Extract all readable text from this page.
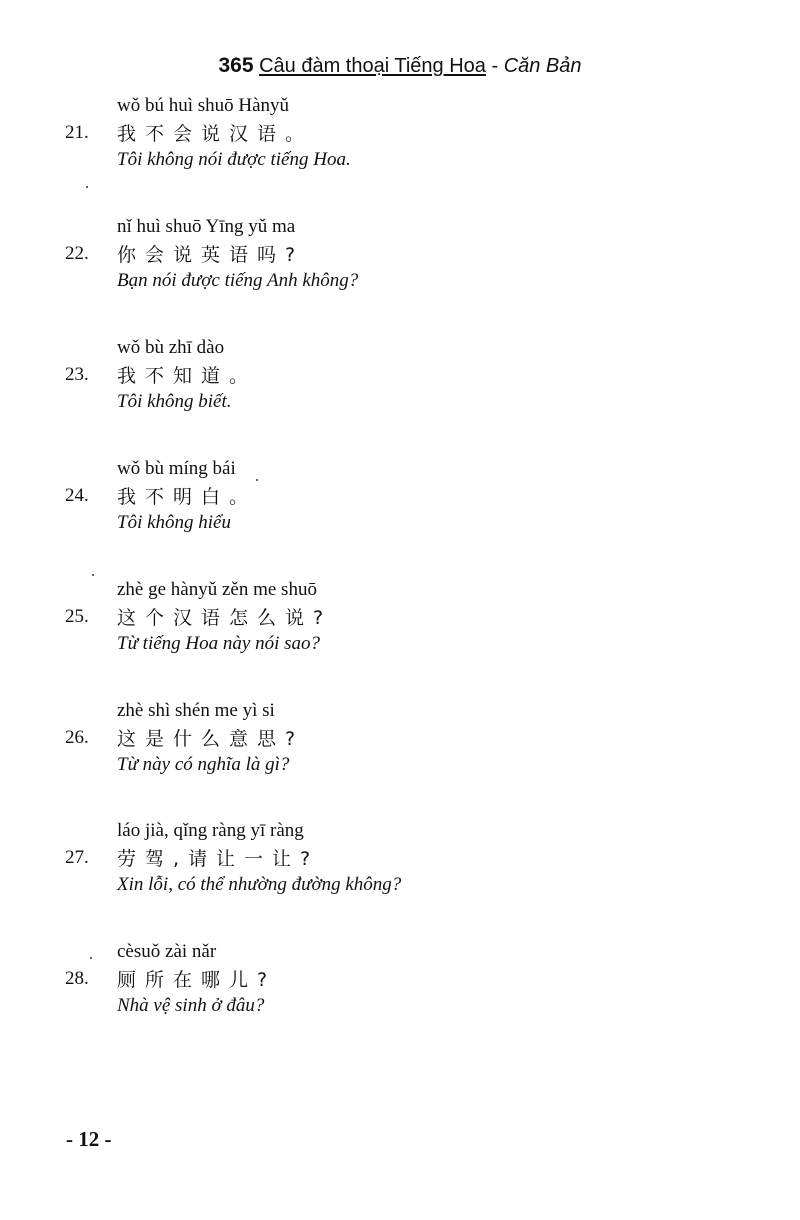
365 Câu đàm thoại Tiếng Hoa - Căn Bản
wǒ bú huì shuō Hànyǔ
21. 我不会说汉语。
Tôi không nói được tiếng Hoa.
nǐ huì shuō Yīng yǔ ma
22. 你会说英语吗?
Bạn nói được tiếng Anh không?
wǒ bù zhī dào
23. 我不知道。
Tôi không biết.
wǒ bù míng bái
24. 我不明白。
Tôi không hiểu
zhè ge hànyǔ zěn me shuō
25. 这个汉语怎么说?
Từ tiếng Hoa này nói sao?
zhè shì shén me yì si
26. 这是什么意思?
Từ này có nghĩa là gì?
láo jià, qǐng ràng yī ràng
27. 劳驾,请让一让?
Xin lỗi, có thể nhường đường không?
cèsuǒ zài nǎr
28. 厕所在哪儿?
Nhà vệ sinh ở đâu?
- 12 -
